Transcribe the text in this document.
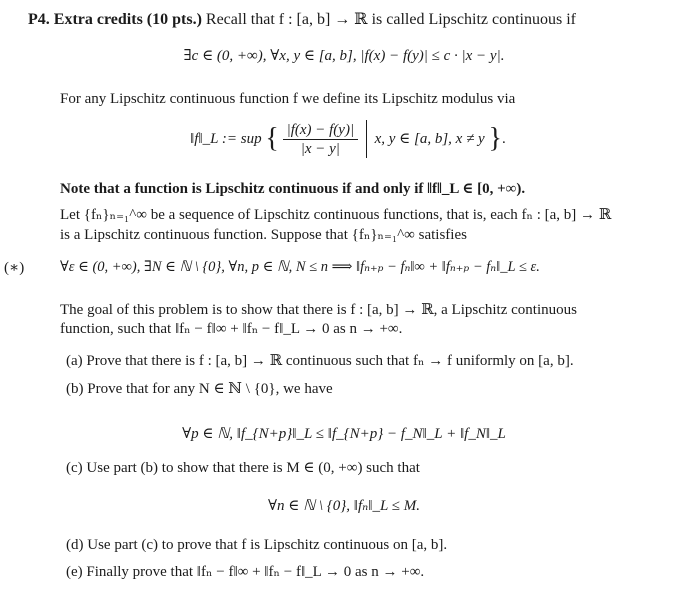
P4. Extra credits (10 pts.) Recall that f : [a, b] → ℝ is called Lipschitz continuous if
∃c ∈ (0, +∞), ∀x, y ∈ [a, b], |f(x) − f(y)| ≤ c · |x − y|.
For any Lipschitz continuous function f we define its Lipschitz modulus via
‖f‖_L := sup { $\frac{|f(x) - f(y)|}{|x - y|} x$, y ∈ [a, b], x ≠ y }.
Note that a function is Lipschitz continuous if and only if ‖f‖_L ∈ [0, +∞).
Let {fₙ}ₙ₌₁^∞ be a sequence of Lipschitz continuous functions, that is, each fₙ : [a, b] → ℝ
is a Lipschitz continuous function. Suppose that {fₙ}ₙ₌₁^∞ satisfies
(∗) ∀ε ∈ (0, +∞), ∃N ∈ ℕ \ {0}, ∀n, p ∈ ℕ, N ≤ n ⟹ ‖fₙ₊ₚ − fₙ‖∞ + ‖fₙ₊ₚ − fₙ‖_L ≤ ε.
The goal of this problem is to show that there is f : [a, b] → ℝ, a Lipschitz continuous
function, such that ‖fₙ − f‖∞ + ‖fₙ − f‖_L → 0 as n → +∞.
(a) Prove that there is f : [a, b] → ℝ continuous such that fₙ → f uniformly on [a, b].
(b) Prove that for any N ∈ ℕ \ {0}, we have
∀p ∈ ℕ, ‖f_{N+p}‖_L ≤ ‖f_{N+p} − f_N‖_L + ‖f_N‖_L
(c) Use part (b) to show that there is M ∈ (0, +∞) such that
∀n ∈ ℕ \ {0}, ‖fₙ‖_L ≤ M.
(d) Use part (c) to prove that f is Lipschitz continuous on [a, b].
(e) Finally prove that ‖fₙ − f‖∞ + ‖fₙ − f‖_L → 0 as n → +∞.
